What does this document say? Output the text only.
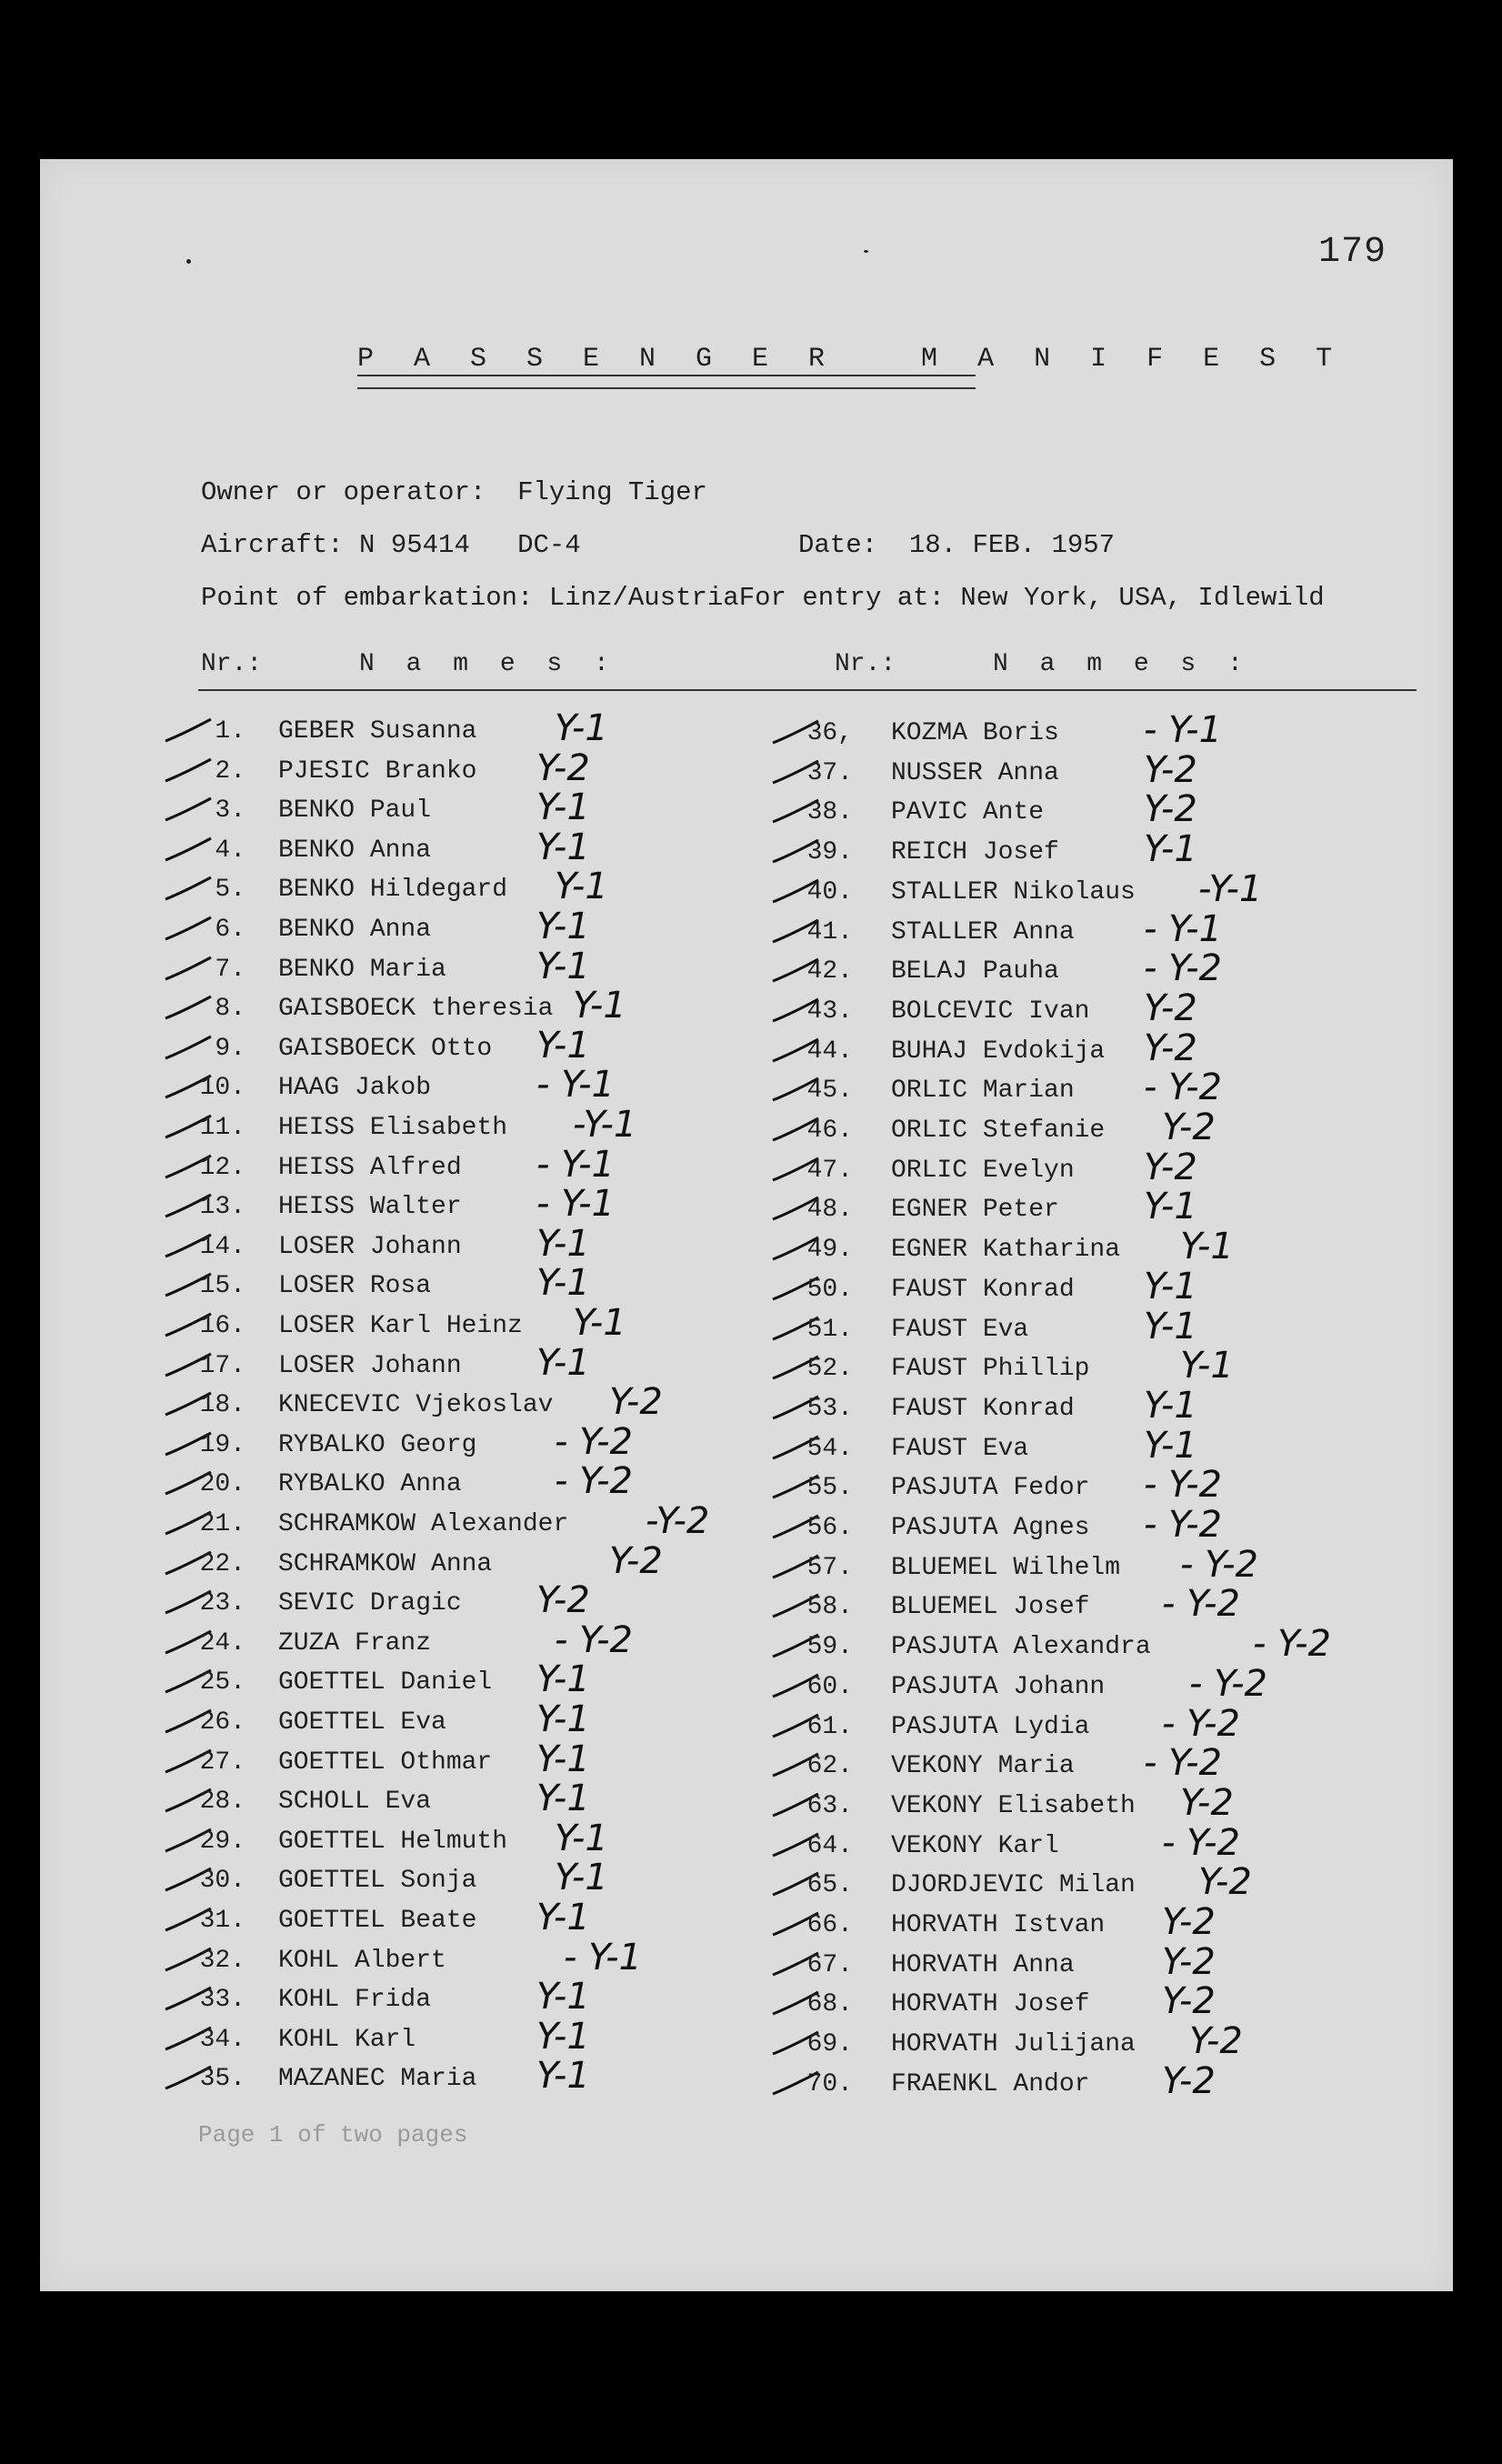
179
P A S S E N G E R   M A N I F E S T
Owner or operator: Flying Tiger
Aircraft: N 95414 DC-4	Date: 18. FEB. 1957
Point of embarkation: Linz/AustriaFor entry at: New York, USA, Idlewild
Nr.:	N a m e s :	Nr.:	N a m e s :
1. GEBER Susanna Y-1
2. PJESIC Branko Y-2
3. BENKO Paul	Y-1
4. BENKO Anna	Y-1
5. BENKO Hildegard Y-1
6. BENKO Anna	Y-1
7. BENKO Maria Y-1
8. GAISBOECK theresia Y-1
9. GAISBOECK Otto Y-1
10. HAAG Jakob	- Y-1
11. HEISS Elisabeth -Y-1
12. HEISS Alfred - Y-1
13. HEISS Walter - Y-1
14. LOSER Johann Y-1
15. LOSER Rosa	Y-1
16. LOSER Karl Heinz Y-1
17. LOSER Johann Y-1
18. KNECEVIC Vjekoslav Y-2
19. RYBALKO Georg - Y-2
20. RYBALKO Anna	- Y-2
21. SCHRAMKOW Alexander -Y-2
22. SCHRAMKOW Anna	Y-2
23. SEVIC Dragic Y-2
24. ZUZA Franz	- Y-2
25. GOETTEL Daniel Y-1
26. GOETTEL Eva Y-1
27. GOETTEL Othmar Y-1
28. SCHOLL Eva	Y-1
29. GOETTEL Helmuth Y-1
30. GOETTEL Sonja Y-1
31. GOETTEL Beate Y-1
32. KOHL Albert	- Y-1
33. KOHL Frida	Y-1
34. KOHL Karl	Y-1
35. MAZANEC Maria Y-1
36, KOZMA Boris - Y-1
37. NUSSER Anna Y-2
38. PAVIC Ante	Y-2
39. REICH Josef Y-1
40. STALLER Nikolaus -Y-1
41. STALLER Anna - Y-1
42. BELAJ Pauha - Y-2
43. BOLCEVIC Ivan Y-2
44. BUHAJ Evdokija Y-2
45. ORLIC Marian - Y-2
46. ORLIC Stefanie Y-2
47. ORLIC Evelyn Y-2
48. EGNER Peter Y-1
49. EGNER Katharina Y-1
50. FAUST Konrad Y-1
51. FAUST Eva	Y-1
52. FAUST Phillip Y-1
53. FAUST Konrad Y-1
54. FAUST Eva	Y-1
55. PASJUTA Fedor - Y-2
56. PASJUTA Agnes - Y-2
57. BLUEMEL Wilhelm - Y-2
58. BLUEMEL Josef - Y-2
59. PASJUTA Alexandra	- Y-2
60. PASJUTA Johann - Y-2
61. PASJUTA Lydia - Y-2
62. VEKONY Maria - Y-2
63. VEKONY Elisabeth Y-2
64. VEKONY Karl	- Y-2
65. DJORDJEVIC Milan Y-2
66. HORVATH Istvan Y-2
67. HORVATH Anna Y-2
68. HORVATH Josef Y-2
69. HORVATH Julijana Y-2
70. FRAENKL Andor Y-2
Page 1 of two pages
